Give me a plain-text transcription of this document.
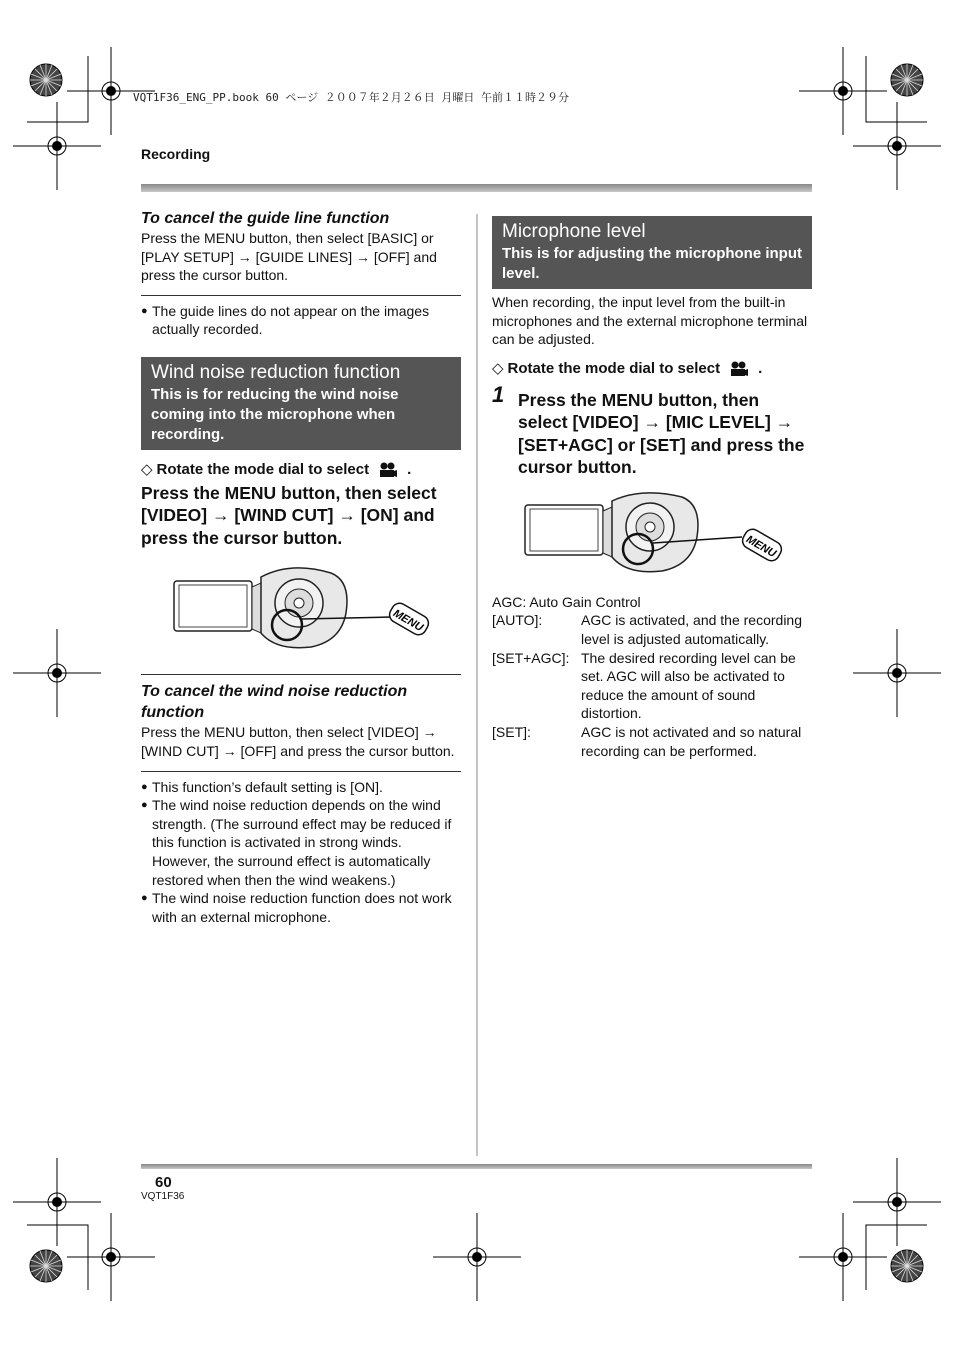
VQT1F36_ENG_PP.book 60 ページ ２００７年２月２６日 月曜日 午前１１時２９分
Recording
To cancel the guide line function

Press the MENU button, then select [BASIC] or [PLAY SETUP] → [GUIDE LINES] → [OFF] and press the cursor button.

● The guide lines do not appear on the images actually recorded.

Wind noise reduction function
This is for reducing the wind noise coming into the microphone when recording.
◇ Rotate the mode dial to select	.
Press the MENU button, then select [VIDEO] → [WIND CUT] → [ON] and press the cursor button.
MENU
To cancel the wind noise reduction function

Press the MENU button, then select [VIDEO] → [WIND CUT] → [OFF] and press the cursor button.

● This function’s default setting is [ON].

● The wind noise reduction depends on the wind strength. (The surround effect may be reduced if this function is activated in strong winds. However, the surround effect is automatically restored when then the wind weakens.)

● The wind noise reduction function does not work with an external microphone.

Microphone level
This is for adjusting the microphone input level.

When recording, the input level from the built-in microphones and the external microphone terminal can be adjusted.

◇ Rotate the mode dial to select	.
1 Press the MENU button, then select [VIDEO] → [MIC LEVEL] → [SET+AGC] or [SET] and press the cursor button.
MENU

AGC: Auto Gain Control

[AUTO]:	AGC is activated, and the recording level is adjusted automatically.
[SET+AGC]: The desired recording level can be set. AGC will also be activated to reduce the amount of sound distortion.
[SET]:	AGC is not activated and so natural recording can be performed.
60
VQT1F36
